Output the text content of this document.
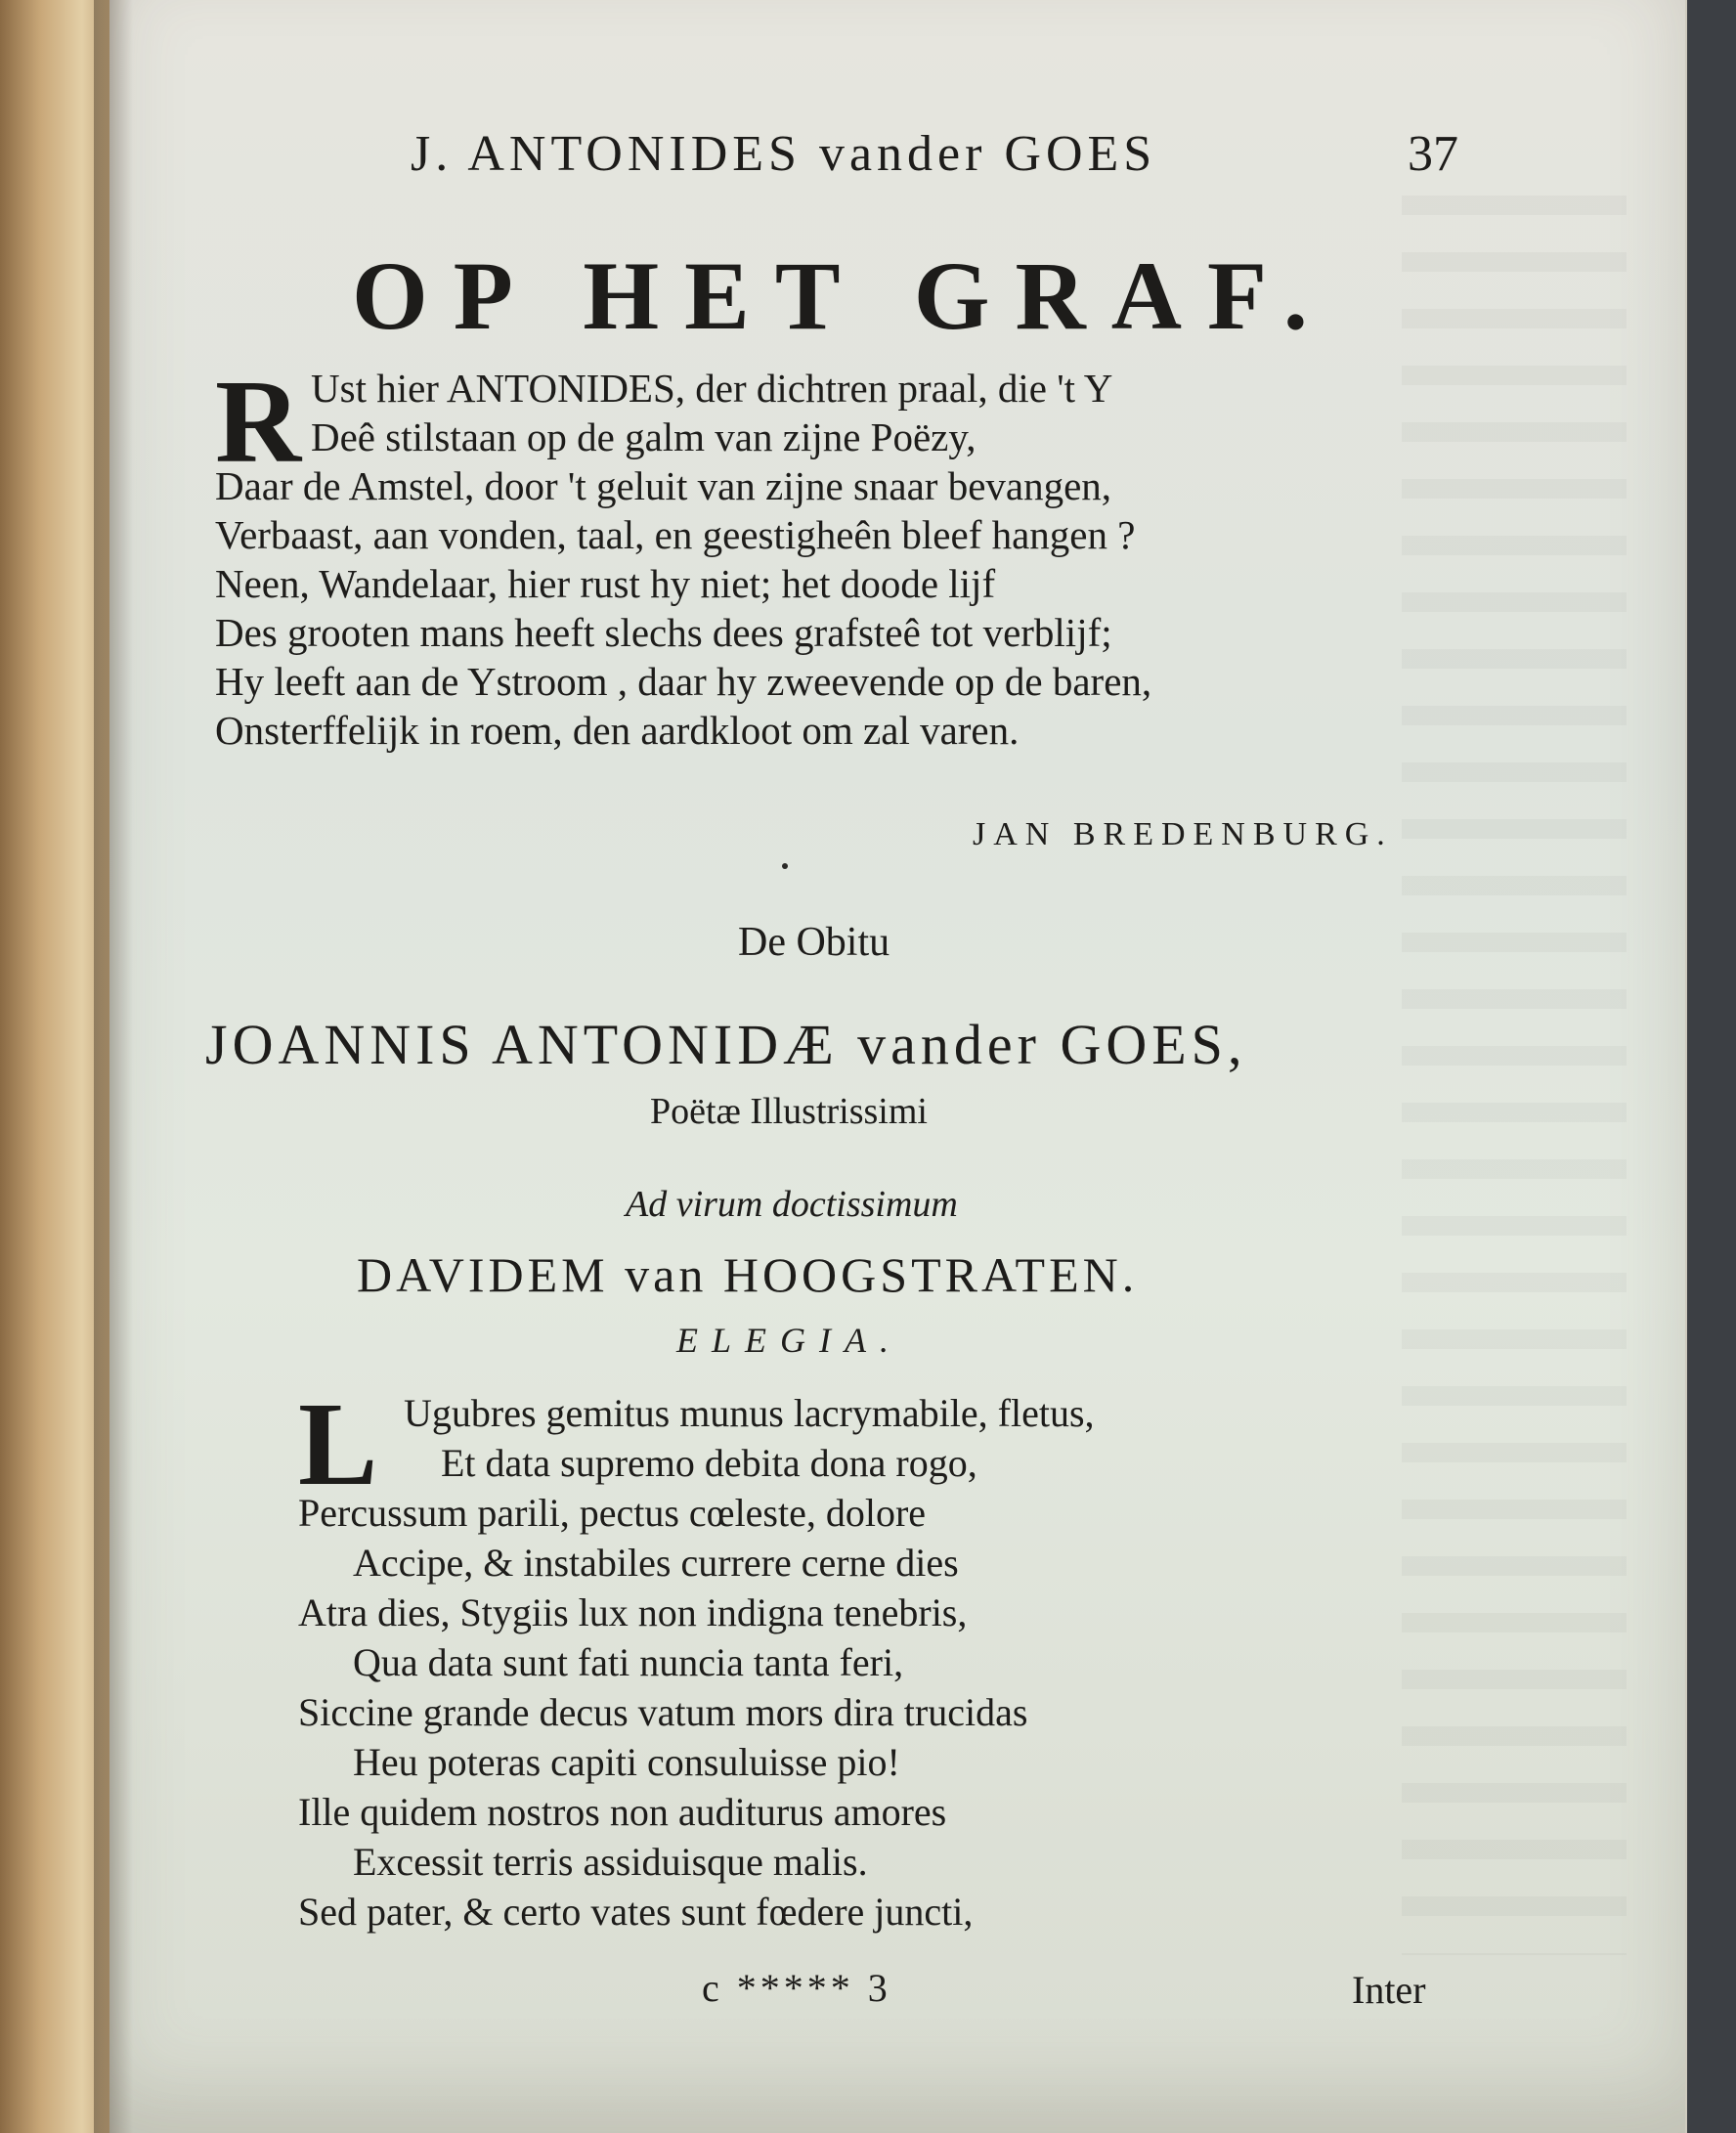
J. ANTONIDES vander GOES	37
OP HET GRAF.
R Ust hier ANTONIDES, der dichtren praal, die 't Y
Deê stilstaan op de galm van zijne Poëzy,
Daar de Amstel, door 't geluit van zijne snaar bevangen,
Verbaast, aan vonden, taal, en geestigheên bleef hangen ?
Neen, Wandelaar, hier rust hy niet; het doode lijf
Des grooten mans heeft slechs dees grafsteê tot verblijf;
Hy leeft aan de Ystroom , daar hy zweevende op de baren,
Onsterffelijk in roem, den aardkloot om zal varen.
JAN BREDENBURG.
De Obitu
JOANNIS ANTONIDÆ vander GOES,
Poëtæ Illustrissimi
Ad virum doctissimum
DAVIDEM van HOOGSTRATEN.
ELEGIA.
L Ugubres gemitus munus lacrymabile, fletus,
Et data supremo debita dona rogo,
Percussum parili, pectus cœleste, dolore
Accipe, & instabiles currere cerne dies
Atra dies, Stygiis lux non indigna tenebris,
Qua data sunt fati nuncia tanta feri,
Siccine grande decus vatum mors dira trucidas
Heu poteras capiti consuluisse pio!
Ille quidem nostros non auditurus amores
Excessit terris assiduisque malis.
Sed pater, & certo vates sunt fœdere juncti,
c ***** 3	Inter
